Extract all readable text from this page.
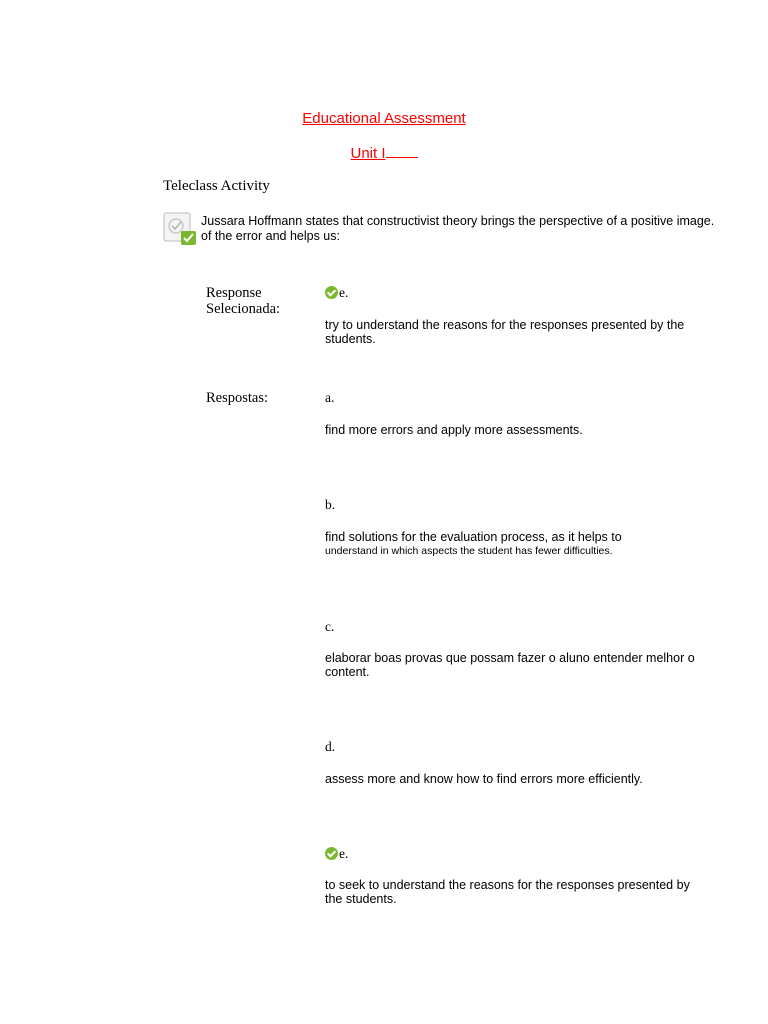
Educational Assessment
Unit I
Teleclass Activity
Jussara Hoffmann states that constructivist theory brings the perspective of a positive image.
of the error and helps us:
Response
Selecionada:
e.
try to understand the reasons for the responses presented by the students.
Respostas:	a.
find more errors and apply more assessments.
b.
find solutions for the evaluation process, as it helps to
understand in which aspects the student has fewer difficulties.
c.
elaborar boas provas que possam fazer o aluno entender melhor o content.
d.
assess more and know how to find errors more efficiently.
e.
to seek to understand the reasons for the responses presented by the students.
